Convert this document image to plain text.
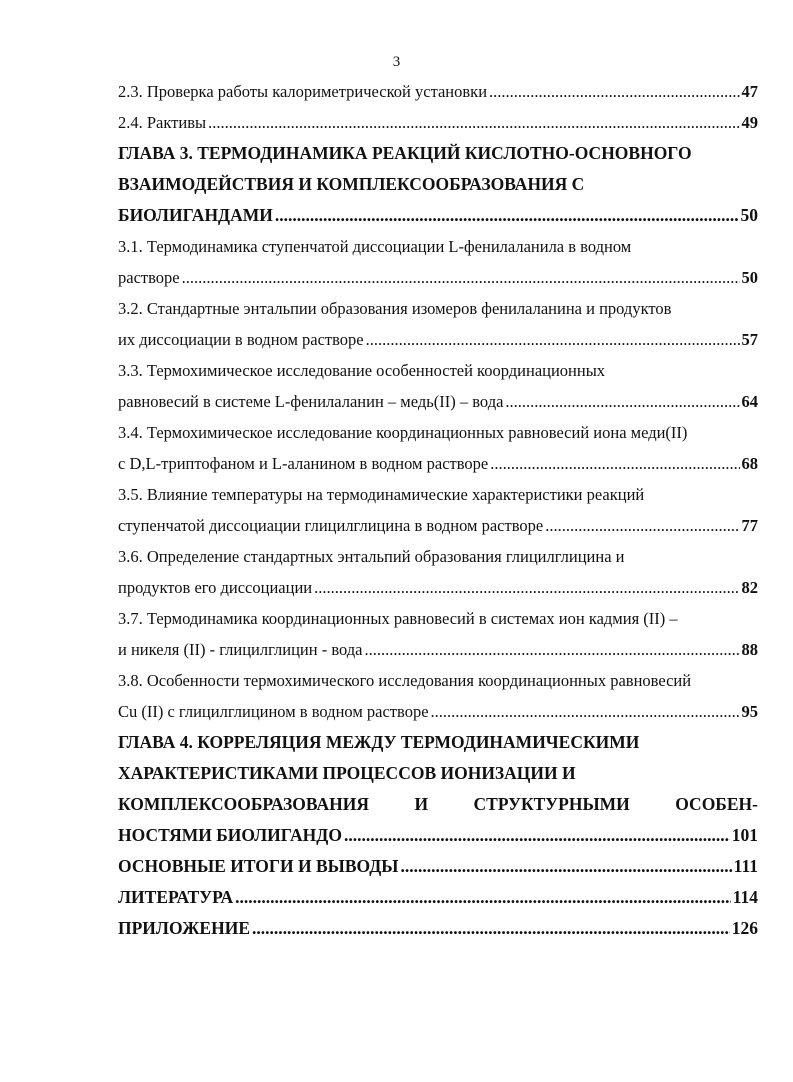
3
2.3. Проверка работы калориметрической установки .....	47
2.4. Рактивы .....	49
ГЛАВА 3. ТЕРМОДИНАМИКА РЕАКЦИЙ КИСЛОТНО-ОСНОВНОГО
ВЗАИМОДЕЙСТВИЯ И КОМПЛЕКСООБРАЗОВАНИЯ С
БИОЛИГАНДАМИ .....	50
3.1. Термодинамика ступенчатой диссоциации L-фенилаланила в водном
растворе .....	50
3.2. Стандартные энтальпии образования изомеров фенилаланина и продуктов
их диссоциации в водном растворе .....	57
3.3. Термохимическое исследование особенностей координационных
равновесий в системе L-фенилаланин – медь(II) – вода .....	64
3.4. Термохимическое исследование координационных равновесий иона меди(II)
с D,L-триптофаном и L-аланином в водном растворе .....	68
3.5. Влияние температуры на термодинамические характеристики реакций
ступенчатой диссоциации глицилглицина в водном растворе .....	77
3.6. Определение стандартных энтальпий образования глицилглицина и
продуктов его диссоциации .....	82
3.7. Термодинамика координационных равновесий в системах ион кадмия (II) –
и никеля (II) - глицилглицин - вода .....	88
3.8. Особенности термохимического исследования координационных равновесий
Cu (II) с глицилглицином в водном растворе .....	95
ГЛАВА 4. КОРРЕЛЯЦИЯ МЕЖДУ ТЕРМОДИНАМИЧЕСКИМИ
ХАРАКТЕРИСТИКАМИ ПРОЦЕССОВ ИОНИЗАЦИИ И
КОМПЛЕКСООБРАЗОВАНИЯ	И	СТРУКТУРНЫМИ	ОСОБЕН-
НОСТЯМИ БИОЛИГАНДО .....	101
ОСНОВНЫЕ ИТОГИ И ВЫВОДЫ .....	111
ЛИТЕРАТУРА .....	114
ПРИЛОЖЕНИЕ .....	126
